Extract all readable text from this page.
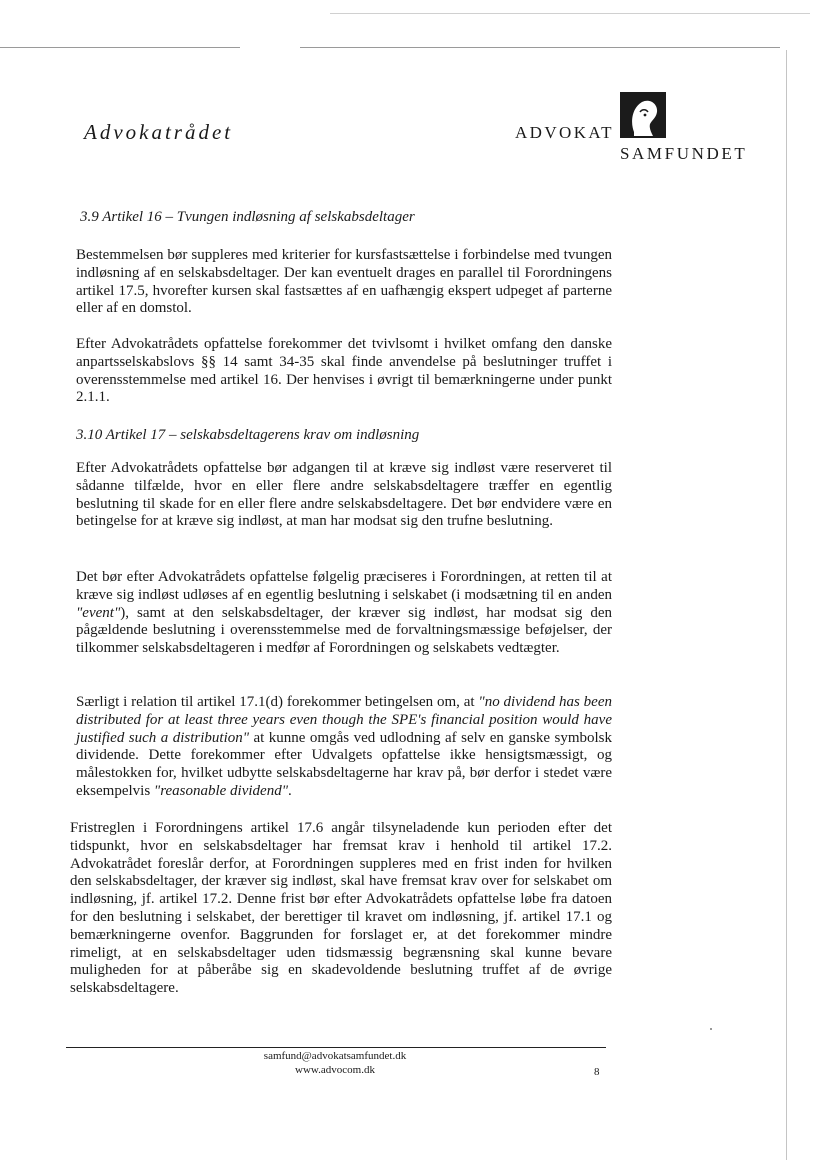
Advokatrådet	ADVOKAT
SAMFUNDET
3.9 Artikel 16 – Tvungen indløsning af selskabsdeltager
Bestemmelsen bør suppleres med kriterier for kursfastsættelse i forbindelse med tvungen indløsning af en selskabsdeltager. Der kan eventuelt drages en parallel til Forordningens artikel 17.5, hvorefter kursen skal fastsættes af en uafhængig ekspert udpeget af parterne eller af en domstol.
Efter Advokatrådets opfattelse forekommer det tvivlsomt i hvilket omfang den danske anpartsselskabslovs §§ 14 samt 34-35 skal finde anvendelse på beslutninger truffet i overensstemmelse med artikel 16. Der henvises i øvrigt til bemærkningerne under punkt 2.1.1.
3.10 Artikel 17 – selskabsdeltagerens krav om indløsning
Efter Advokatrådets opfattelse bør adgangen til at kræve sig indløst være reserveret til sådanne tilfælde, hvor en eller flere andre selskabsdeltagere træffer en egentlig beslutning til skade for en eller flere andre selskabsdeltagere. Det bør endvidere være en betingelse for at kræve sig indløst, at man har modsat sig den trufne beslutning.
Det bør efter Advokatrådets opfattelse følgelig præciseres i Forordningen, at retten til at kræve sig indløst udløses af en egentlig beslutning i selskabet (i modsætning til en anden "event"), samt at den selskabsdeltager, der kræver sig indløst, har modsat sig den pågældende beslutning i overensstemmelse med de forvaltningsmæssige beføjelser, der tilkommer selskabsdeltageren i medfør af Forordningen og selskabets vedtægter.
Særligt i relation til artikel 17.1(d) forekommer betingelsen om, at "no dividend has been distributed for at least three years even though the SPE's financial position would have justified such a distribution" at kunne omgås ved udlodning af selv en ganske symbolsk dividende. Dette forekommer efter Udvalgets opfattelse ikke hensigtsmæssigt, og målestokken for, hvilket udbytte selskabsdeltagerne har krav på, bør derfor i stedet være eksempelvis "reasonable dividend".
Fristreglen i Forordningens artikel 17.6 angår tilsyneladende kun perioden efter det tidspunkt, hvor en selskabsdeltager har fremsat krav i henhold til artikel 17.2. Advokatrådet foreslår derfor, at Forordningen suppleres med en frist inden for hvilken den selskabsdeltager, der kræver sig indløst, skal have fremsat krav over for selskabet om indløsning, jf. artikel 17.2. Denne frist bør efter Advokatrådets opfattelse løbe fra datoen for den beslutning i selskabet, der berettiger til kravet om indløsning, jf. artikel 17.1 og bemærkningerne ovenfor. Baggrunden for forslaget er, at det forekommer mindre rimeligt, at en selskabsdeltager uden tidsmæssig begrænsning skal kunne bevare muligheden for at påberåbe sig en skadevoldende beslutning truffet af de øvrige selskabsdeltagere.
samfund@advokatsamfundet.dk
www.advocom.dk	8
